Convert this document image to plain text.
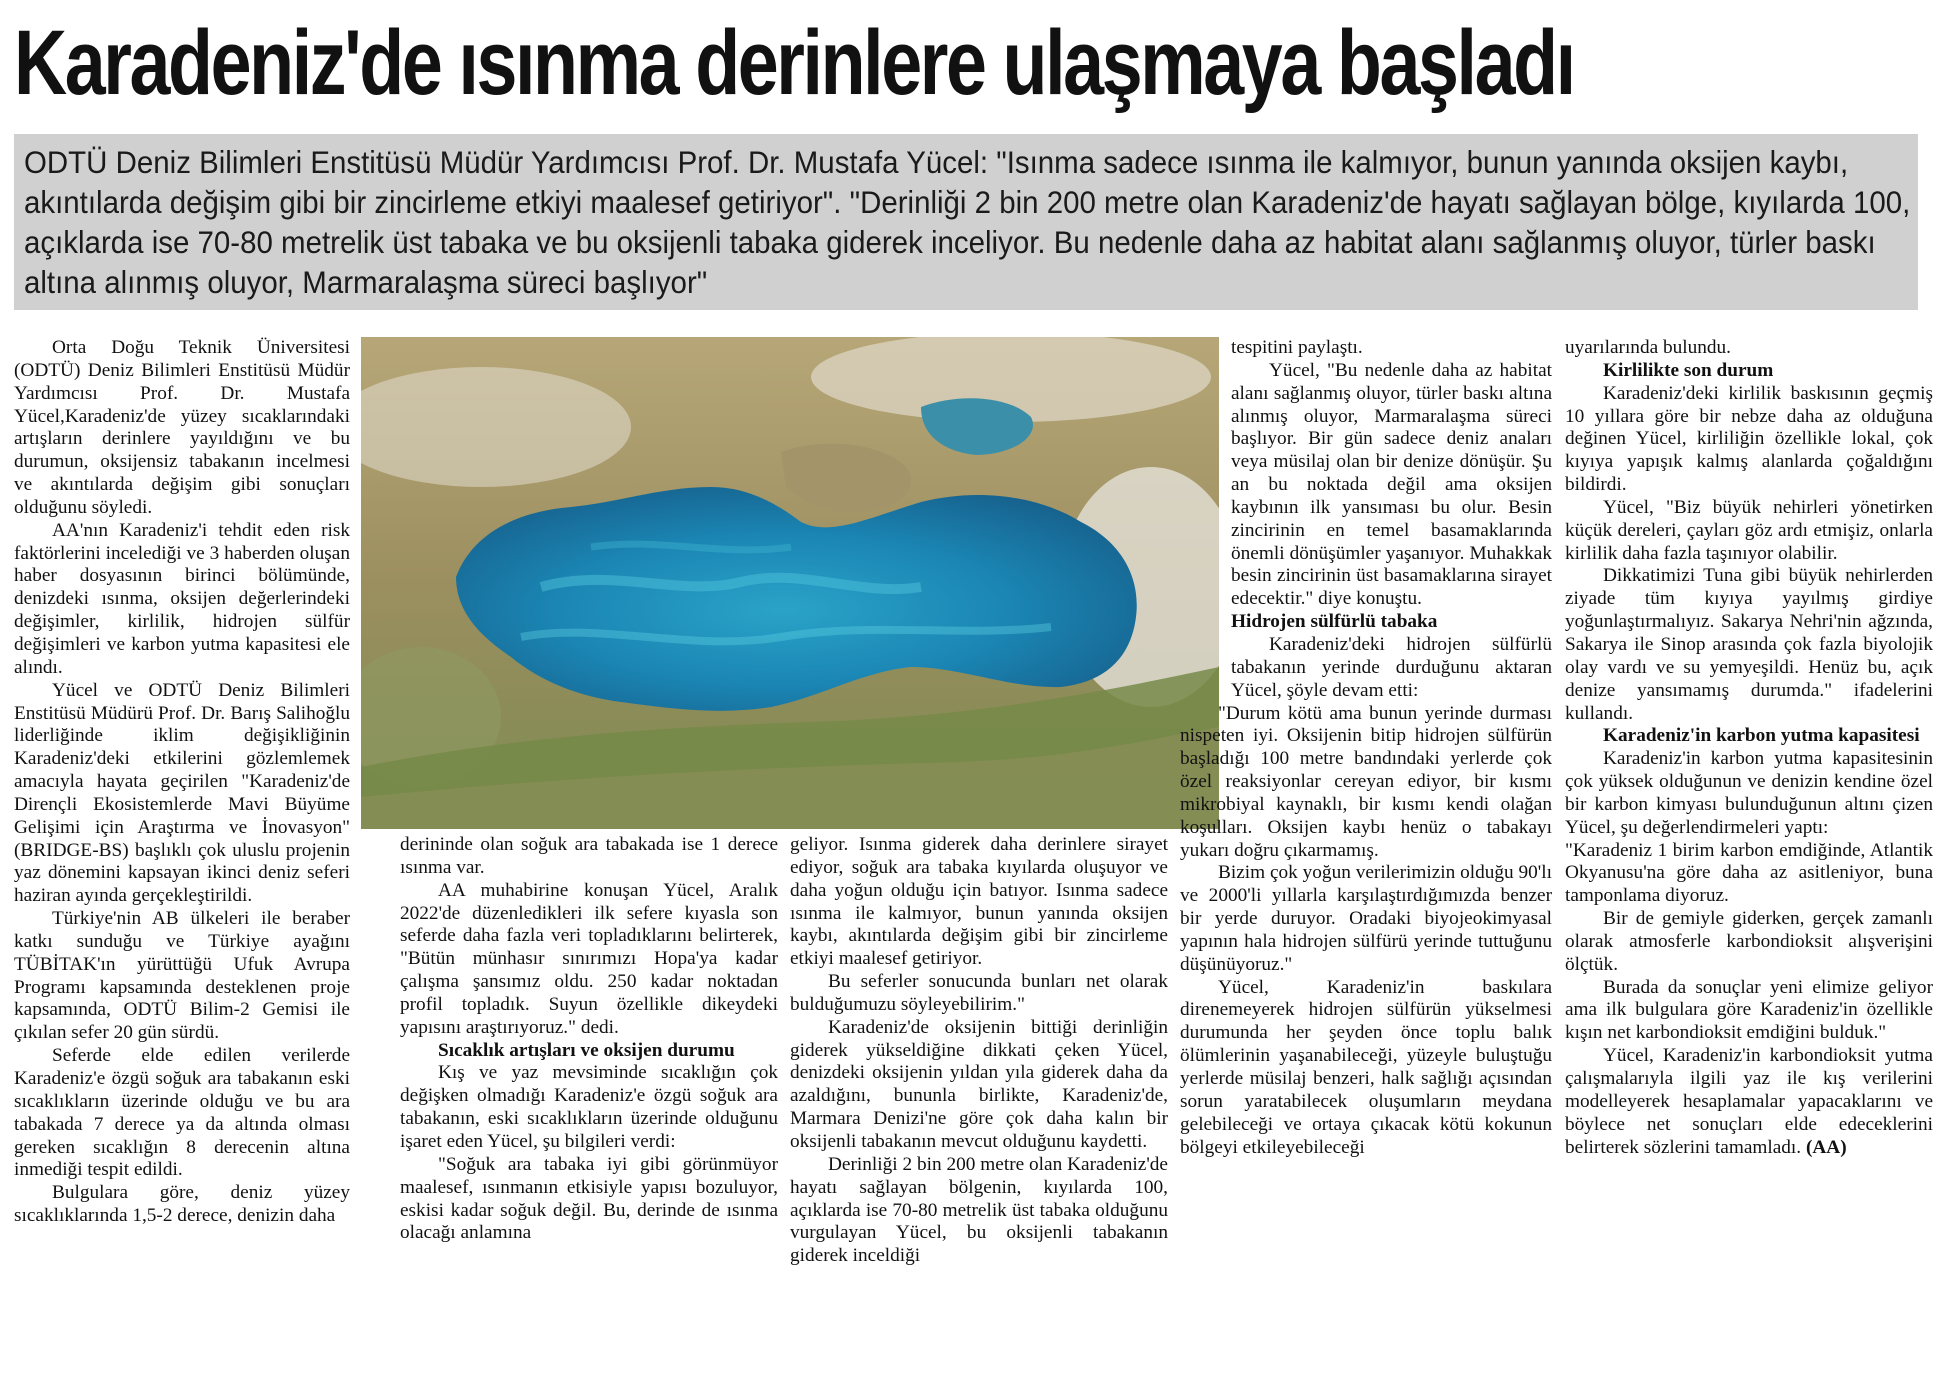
Karadeniz'de ısınma derinlere ulaşmaya başladı

ODTÜ Deniz Bilimleri Enstitüsü Müdür Yardımcısı Prof. Dr. Mustafa Yücel: "Isınma sadece ısınma ile kalmıyor, bunun yanında oksijen kaybı, akıntılarda değişim gibi bir zincirleme etkiyi maalesef getiriyor". "Derinliği 2 bin 200 metre olan Karadeniz'de hayatı sağlayan bölge, kıyılarda 100, açıklarda ise 70-80 metrelik üst tabaka ve bu oksijenli tabaka giderek inceliyor. Bu nedenle daha az habitat alanı sağlanmış oluyor, türler baskı altına alınmış oluyor, Marmaralaşma süreci başlıyor"

Orta Doğu Teknik Üniversitesi (ODTÜ) Deniz Bilimleri Enstitüsü Müdür Yardımcısı Prof. Dr. Mustafa Yücel,Karadeniz'de yüzey sıcaklarındaki artışların derinlere yayıldığını ve bu durumun, oksijensiz tabakanın incelmesi ve akıntılarda değişim gibi sonuçları olduğunu söyledi.

AA'nın Karadeniz'i tehdit eden risk faktörlerini incelediği ve 3 haberden oluşan haber dosyasının birinci bölümünde, denizdeki ısınma, oksijen değerlerindeki değişimler, kirlilik, hidrojen sülfür değişimleri ve karbon yutma kapasitesi ele alındı.

Yücel ve ODTÜ Deniz Bilimleri Enstitüsü Müdürü Prof. Dr. Barış Salihoğlu liderliğinde iklim değişikliğinin Karadeniz'deki etkilerini gözlemlemek amacıyla hayata geçirilen "Karadeniz'de Dirençli Ekosistemlerde Mavi Büyüme Gelişimi için Araştırma ve İnovasyon" (BRIDGE-BS) başlıklı çok uluslu projenin yaz dönemini kapsayan ikinci deniz seferi haziran ayında gerçekleştirildi.

Türkiye'nin AB ülkeleri ile beraber katkı sunduğu ve Türkiye ayağını TÜBİTAK'ın yürüttüğü Ufuk Avrupa Programı kapsamında desteklenen proje kapsamında, ODTÜ Bilim-2 Gemisi ile çıkılan sefer 20 gün sürdü.

Seferde elde edilen verilerde Karadeniz'e özgü soğuk ara tabakanın eski sıcaklıkların üzerinde olduğu ve bu ara tabakada 7 derece ya da altında olması gereken sıcaklığın 8 derecenin altına inmediği tespit edildi.

Bulgulara göre, deniz yüzey sıcaklıklarında 1,5-2 derece, denizin daha

derininde olan soğuk ara tabakada ise 1 derece ısınma var.

AA muhabirine konuşan Yücel, Aralık 2022'de düzenledikleri ilk sefere kıyasla son seferde daha fazla veri topladıklarını belirterek, "Bütün münhasır sınırımızı Hopa'ya kadar çalışma şansımız oldu. 250 kadar noktadan profil topladık. Suyun özellikle dikeydeki yapısını araştırıyoruz." dedi.

Sıcaklık artışları ve oksijen durumu

Kış ve yaz mevsiminde sıcaklığın çok değişken olmadığı Karadeniz'e özgü soğuk ara tabakanın, eski sıcaklıkların üzerinde olduğunu işaret eden Yücel, şu bilgileri verdi:

"Soğuk ara tabaka iyi gibi görünmüyor maalesef, ısınmanın etkisiyle yapısı bozuluyor, eskisi kadar soğuk değil. Bu, derinde de ısınma olacağı anlamına

geliyor. Isınma giderek daha derinlere sirayet ediyor, soğuk ara tabaka kıyılarda oluşuyor ve daha yoğun olduğu için batıyor. Isınma sadece ısınma ile kalmıyor, bunun yanında oksijen kaybı, akıntılarda değişim gibi bir zincirleme etkiyi maalesef getiriyor.

Bu seferler sonucunda bunları net olarak bulduğumuzu söyleyebilirim."

Karadeniz'de oksijenin bittiği derinliğin giderek yükseldiğine dikkati çeken Yücel, denizdeki oksijenin yıldan yıla giderek daha da azaldığını, bununla birlikte, Karadeniz'de, Marmara Denizi'ne göre çok daha kalın bir oksijenli tabakanın mevcut olduğunu kaydetti.

Derinliği 2 bin 200 metre olan Karadeniz'de hayatı sağlayan bölgenin, kıyılarda 100, açıklarda ise 70-80 metrelik üst tabaka olduğunu vurgulayan Yücel, bu oksijenli tabakanın giderek inceldiği

tespitini paylaştı.

Yücel, "Bu nedenle daha az habitat alanı sağlanmış oluyor, türler baskı altına alınmış oluyor, Marmaralaşma süreci başlıyor. Bir gün sadece deniz anaları veya müsilaj olan bir denize dönüşür. Şu an bu noktada değil ama oksijen kaybının ilk yansıması bu olur. Besin zincirinin en temel basamaklarında önemli dönüşümler yaşanıyor. Muhakkak besin zincirinin üst basamaklarına sirayet edecektir." diye konuştu.

Hidrojen sülfürlü tabaka

Karadeniz'deki hidrojen sülfürlü tabakanın yerinde durduğunu aktaran Yücel, şöyle devam etti:

"Durum kötü ama bunun yerinde durması nispeten iyi. Oksijenin bitip hidrojen sülfürün başladığı 100 metre bandındaki yerlerde çok özel reaksiyonlar cereyan ediyor, bir kısmı mikrobiyal kaynaklı, bir kısmı kendi olağan koşulları. Oksijen kaybı henüz o tabakayı yukarı doğru çıkarmamış.

Bizim çok yoğun verilerimizin olduğu 90'lı ve 2000'li yıllarla karşılaştırdığımızda benzer bir yerde duruyor. Oradaki biyojeokimyasal yapının hala hidrojen sülfürü yerinde tuttuğunu düşünüyoruz."

Yücel, Karadeniz'in baskılara direnemeyerek hidrojen sülfürün yükselmesi durumunda her şeyden önce toplu balık ölümlerinin yaşanabileceği, yüzeyle buluştuğu yerlerde müsilaj benzeri, halk sağlığı açısından sorun yaratabilecek oluşumların meydana gelebileceği ve ortaya çıkacak kötü kokunun bölgeyi etkileyebileceği

uyarılarında bulundu.

Kirlilikte son durum

Karadeniz'deki kirlilik baskısının geçmiş 10 yıllara göre bir nebze daha az olduğuna değinen Yücel, kirliliğin özellikle lokal, çok kıyıya yapışık kalmış alanlarda çoğaldığını bildirdi.

Yücel, "Biz büyük nehirleri yönetirken küçük dereleri, çayları göz ardı etmişiz, onlarla kirlilik daha fazla taşınıyor olabilir.

Dikkatimizi Tuna gibi büyük nehirlerden ziyade tüm kıyıya yayılmış girdiye yoğunlaştırmalıyız. Sakarya Nehri'nin ağzında, Sakarya ile Sinop arasında çok fazla biyolojik olay vardı ve su yemyeşildi. Henüz bu, açık denize yansımamış durumda." ifadelerini kullandı.

Karadeniz'in karbon yutma kapasitesi

Karadeniz'in karbon yutma kapasitesinin çok yüksek olduğunun ve denizin kendine özel bir karbon kimyası bulunduğunun altını çizen Yücel, şu değerlendirmeleri yaptı:

"Karadeniz 1 birim karbon emdiğinde, Atlantik Okyanusu'na göre daha az asitleniyor, buna tamponlama diyoruz.

Bir de gemiyle giderken, gerçek zamanlı olarak atmosferle karbondioksit alışverişini ölçtük.

Burada da sonuçlar yeni elimize geliyor ama ilk bulgulara göre Karadeniz'in özellikle kışın net karbondioksit emdiğini bulduk."

Yücel, Karadeniz'in karbondioksit yutma çalışmalarıyla ilgili yaz ile kış verilerini modelleyerek hesaplamalar yapacaklarını ve böylece net sonuçları elde edeceklerini belirterek sözlerini tamamladı. (AA)
